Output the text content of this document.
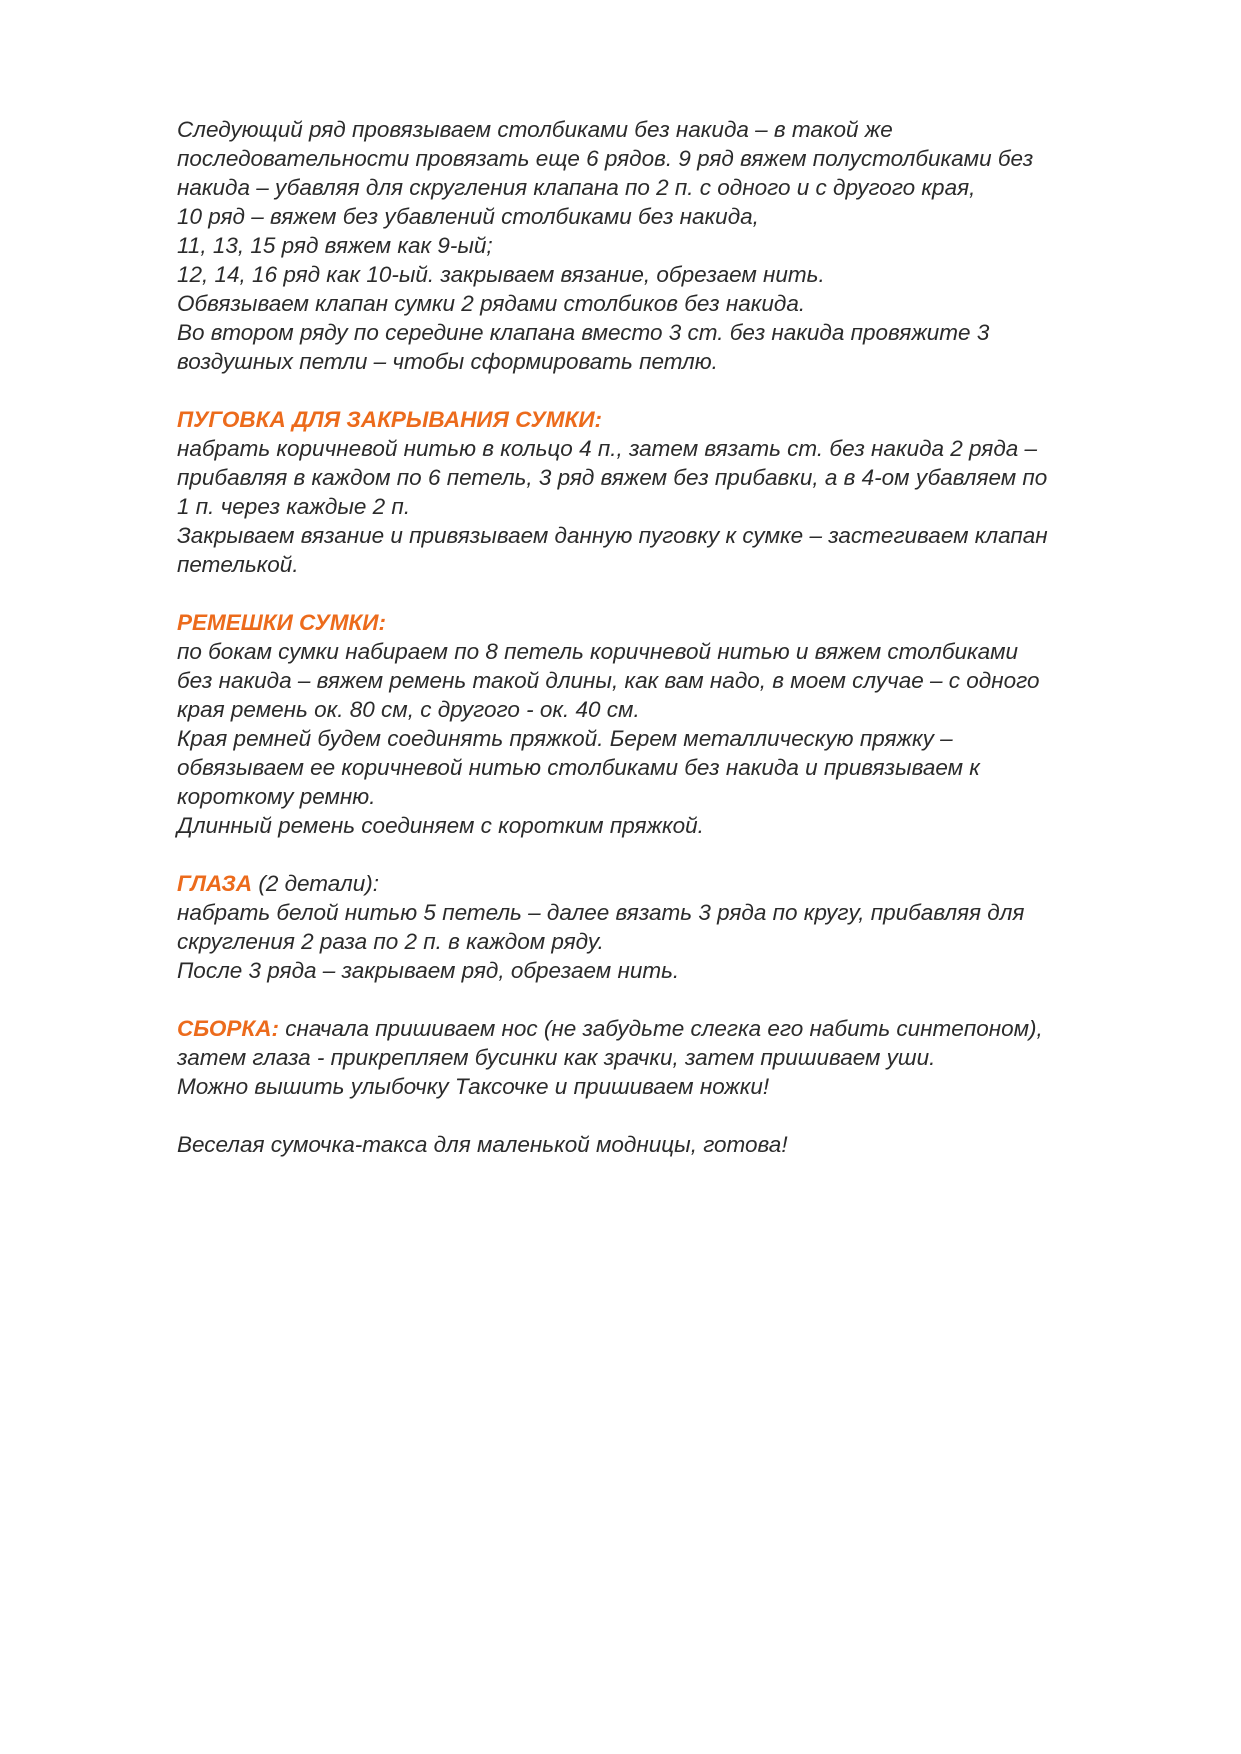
Следующий ряд провязываем столбиками без накида – в такой же
последовательности провязать еще 6 рядов. 9 ряд вяжем полустолбиками без
накида – убавляя для скругления клапана по 2 п. с одного и с другого края,
10 ряд – вяжем без убавлений столбиками без накида,
11, 13, 15 ряд вяжем как 9-ый;
12, 14, 16 ряд как 10-ый. закрываем вязание, обрезаем нить.
Обвязываем клапан сумки 2 рядами столбиков без накида.
Во втором ряду по середине клапана вместо 3 ст. без накида провяжите 3
воздушных петли – чтобы сформировать петлю.
ПУГОВКА ДЛЯ ЗАКРЫВАНИЯ СУМКИ:
набрать коричневой нитью в кольцо 4 п., затем вязать ст. без накида 2 ряда –
прибавляя в каждом по 6 петель, 3 ряд вяжем без прибавки, а в 4-ом убавляем по
1 п. через каждые 2 п.
Закрываем вязание и привязываем данную пуговку к сумке – застегиваем клапан
петелькой.
РЕМЕШКИ СУМКИ:
по бокам сумки набираем по 8 петель коричневой нитью и вяжем столбиками
без накида – вяжем ремень такой длины, как вам надо, в моем случае – с одного
края ремень ок. 80 см, с другого - ок. 40 см.
Края ремней будем соединять пряжкой. Берем металлическую пряжку –
обвязываем ее коричневой нитью столбиками без накида и привязываем к
короткому ремню.
Длинный ремень соединяем с коротким пряжкой.
ГЛАЗА (2 детали):
набрать белой нитью 5 петель – далее вязать 3 ряда по кругу, прибавляя для
скругления 2 раза по 2 п. в каждом ряду.
После 3 ряда – закрываем ряд, обрезаем нить.
СБОРКА: сначала пришиваем нос (не забудьте слегка его набить синтепоном),
затем глаза - прикрепляем бусинки как зрачки, затем пришиваем уши.
Можно вышить улыбочку Таксочке и пришиваем ножки!
Веселая сумочка-такса для маленькой модницы, готова!
